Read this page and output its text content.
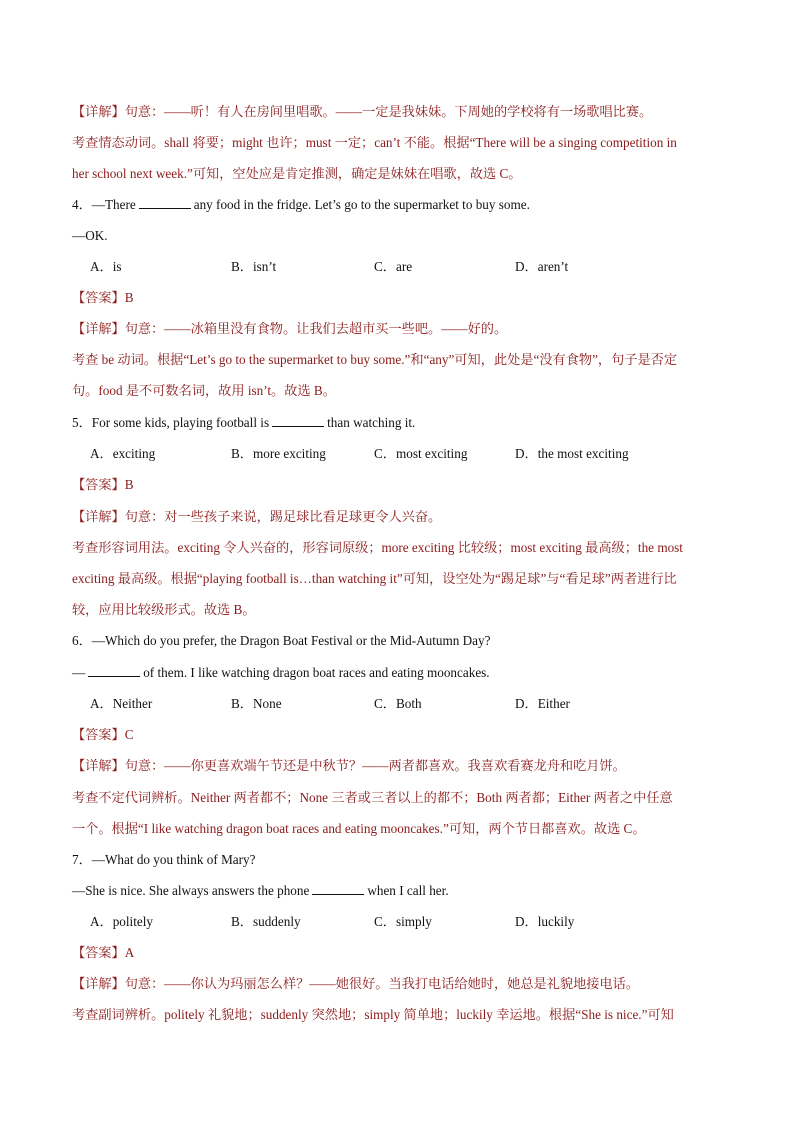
【详解】句意：——听！有人在房间里唱歌。——一定是我妹妹。下周她的学校将有一场歌唱比赛。
考查情态动词。shall 将要；might 也许；must 一定；can’t 不能。根据“There will be a singing competition in
her school next week.”可知，空处应是肯定推测，确定是妹妹在唱歌，故选 C。
4．—There	any food in the fridge. Let’s go to the supermarket to buy some.
—OK.
【答案】B
【详解】句意：——冰箱里没有食物。让我们去超市买一些吧。——好的。
考查 be 动词。根据“Let’s go to the supermarket to buy some.”和“any”可知，此处是“没有食物”，句子是否定
句。food 是不可数名词，故用 isn’t。故选 B。
5．For some kids, playing football is	than watching it.
【答案】B
【详解】句意：对一些孩子来说，踢足球比看足球更令人兴奋。
考查形容词用法。exciting 令人兴奋的，形容词原级；more exciting 比较级；most exciting 最高级；the most
exciting 最高级。根据“playing football is…than watching it”可知，设空处为“踢足球”与“看足球”两者进行比
较，应用比较级形式。故选 B。
6．—Which do you prefer, the Dragon Boat Festival or the Mid-Autumn Day?
—	of them. I like watching dragon boat races and eating mooncakes.
【答案】C
【详解】句意：——你更喜欢端午节还是中秋节？——两者都喜欢。我喜欢看赛龙舟和吃月饼。
考查不定代词辨析。Neither 两者都不；None 三者或三者以上的都不；Both 两者都；Either 两者之中任意
一个。根据“I like watching dragon boat races and eating mooncakes.”可知，两个节日都喜欢。故选 C。
7．—What do you think of Mary?
—She is nice. She always answers the phone	when I call her.
【答案】A
【详解】句意：——你认为玛丽怎么样？——她很好。当我打电话给她时，她总是礼貌地接电话。
考查副词辨析。politely 礼貌地；suddenly 突然地；simply 简单地；luckily 幸运地。根据“She is nice.”可知
A．is	B．isn’t	C．are	D．aren’t
A．exciting	B．more exciting	C．most exciting	D．the most exciting
A．Neither	B．None	C．Both	D．Either
A．politely	B．suddenly	C．simply	D．luckily
